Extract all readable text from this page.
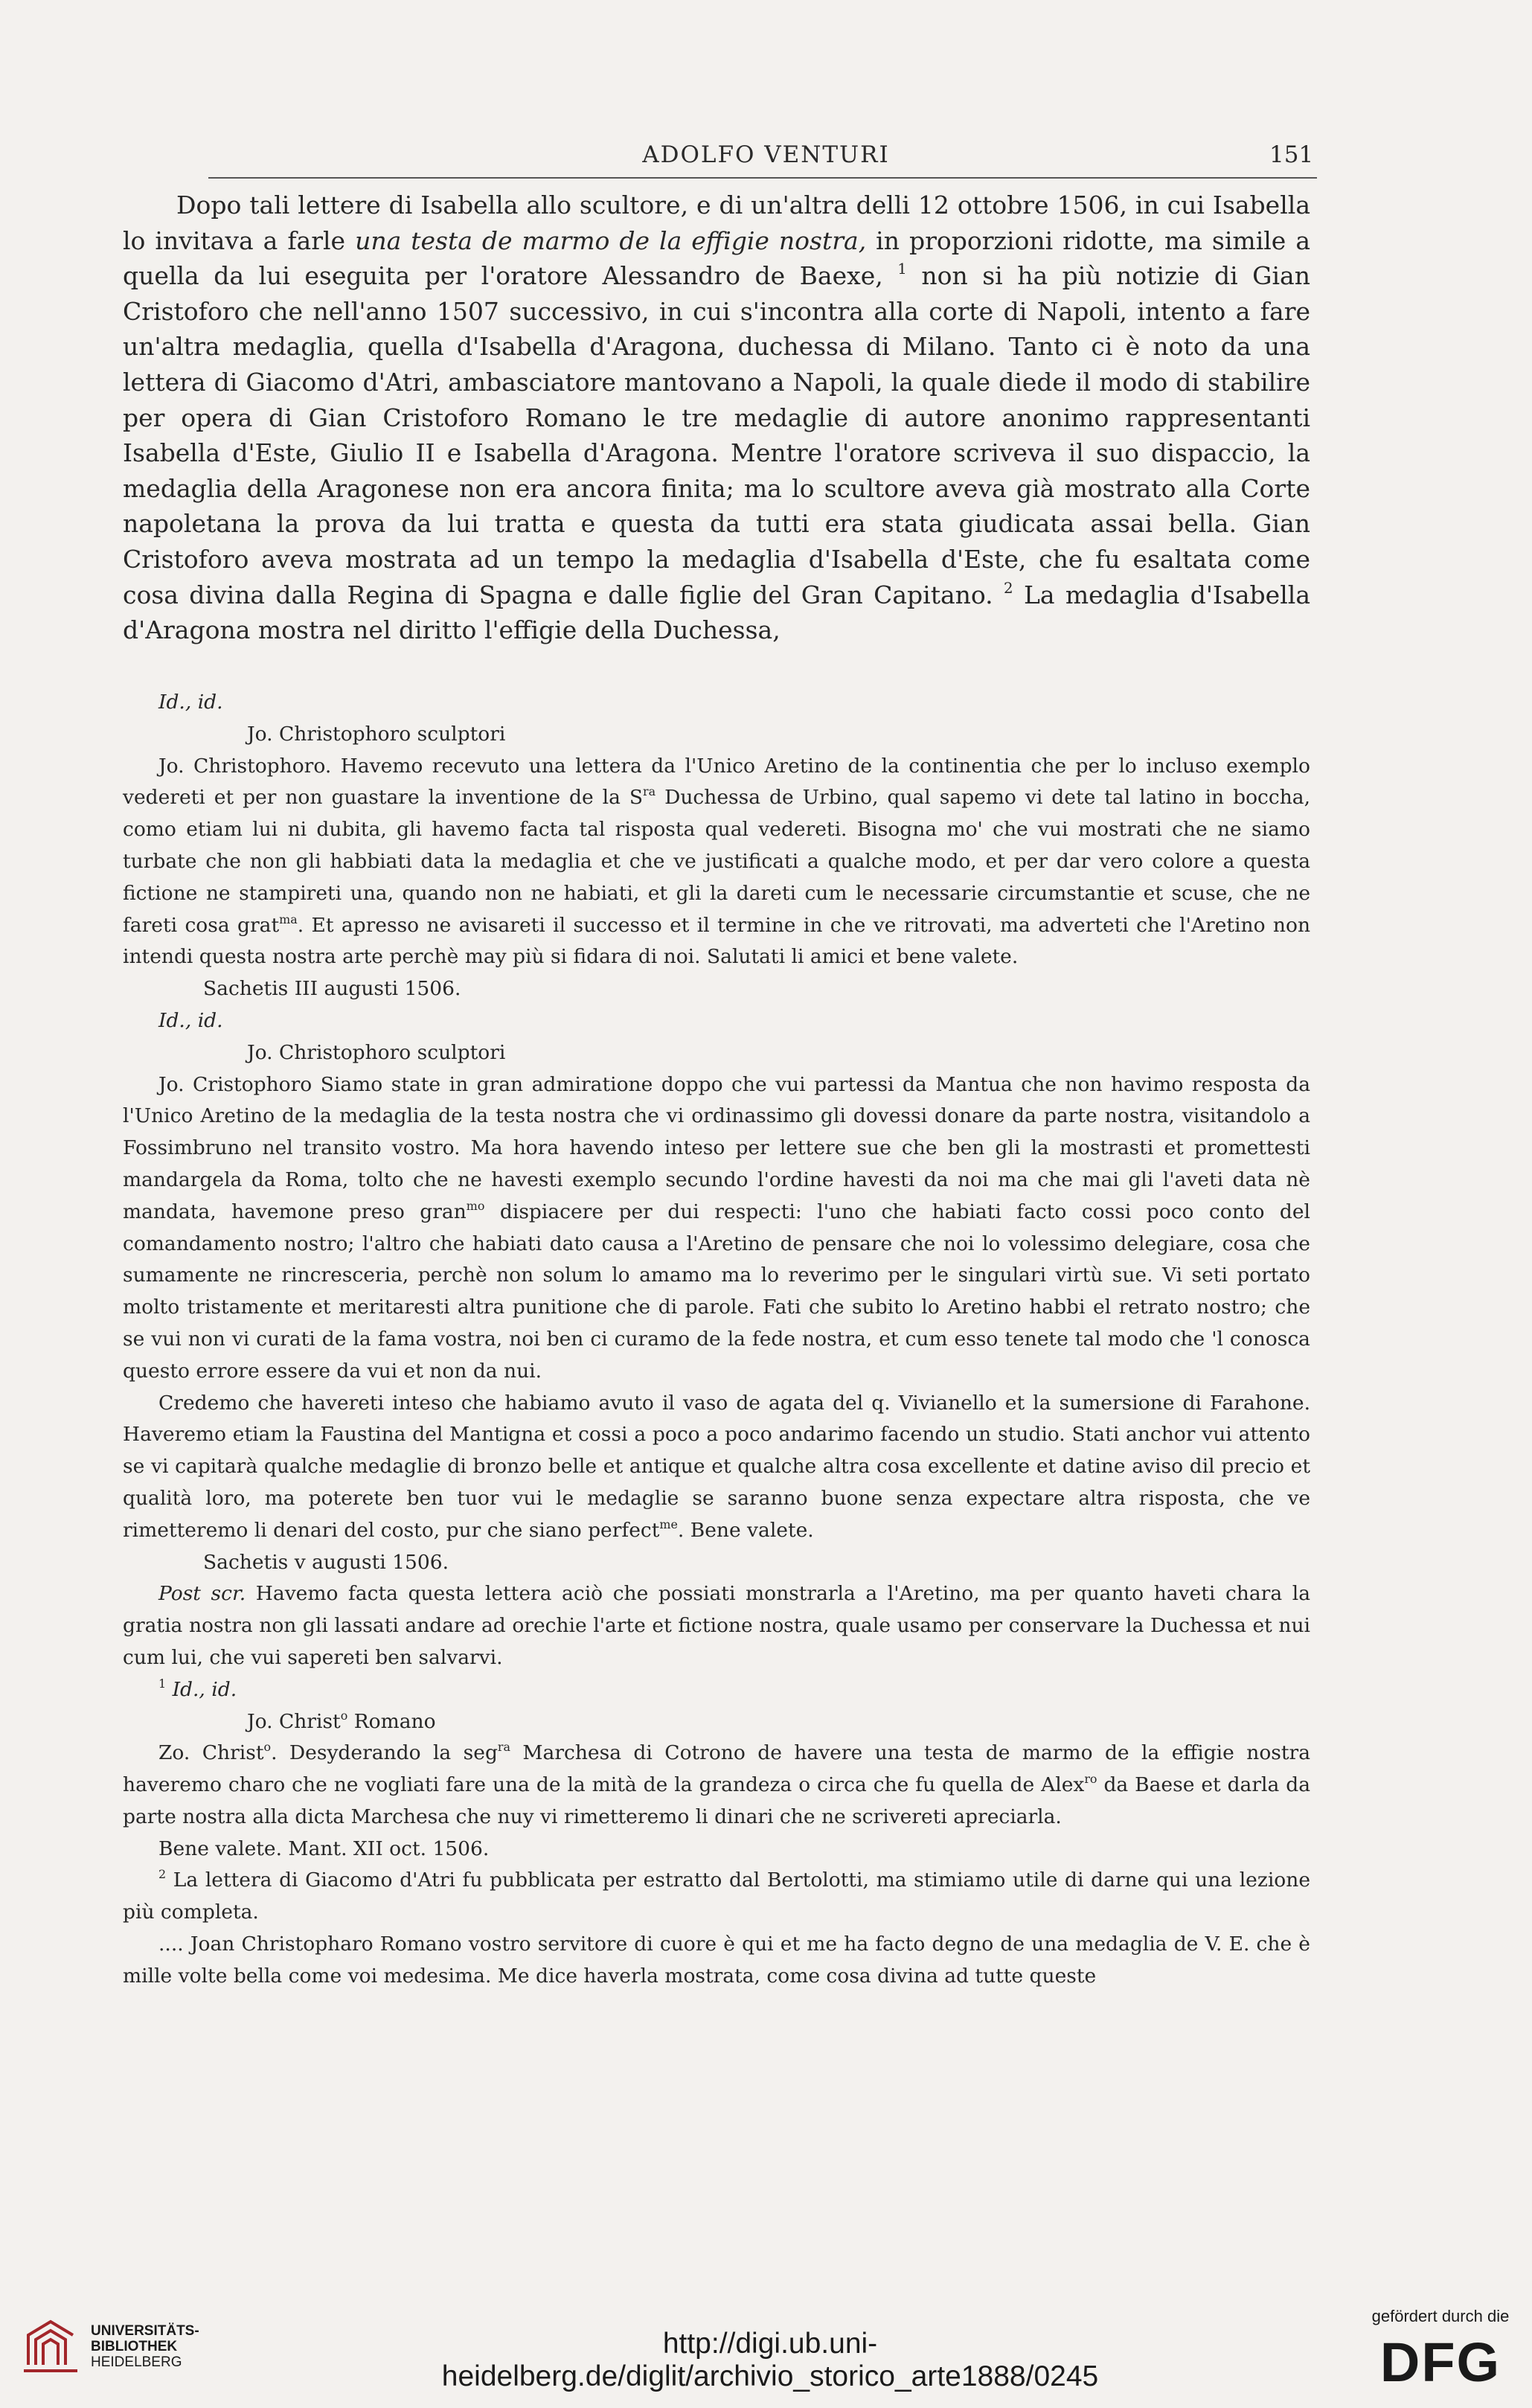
ADOLFO VENTURI	151

Dopo tali lettere di Isabella allo scultore, e di un'altra delli 12 ottobre 1506, in cui Isabella lo invitava a farle una testa de marmo de la effigie nostra, in proporzioni ridotte, ma simile a quella da lui eseguita per l'oratore Alessandro de Baexe, $^1$ non si ha più notizie di Gian Cristoforo che nell'anno 1507 successivo, in cui s'incontra alla corte di Napoli, intento a fare un'altra medaglia, quella d'Isabella d'Aragona, duchessa di Milano. Tanto ci è noto da una lettera di Giacomo d'Atri, ambasciatore mantovano a Napoli, la quale diede il modo di stabilire per opera di Gian Cristoforo Romano le tre medaglie di autore anonimo rappresentanti Isabella d'Este, Giulio II e Isabella d'Aragona. Mentre l'oratore scriveva il suo dispaccio, la medaglia della Aragonese non era ancora finita; ma lo scultore aveva già mostrato alla Corte napoletana la prova da lui tratta e questa da tutti era stata giudicata assai bella. Gian Cristoforo aveva mostrata ad un tempo la medaglia d'Isabella d'Este, che fu esaltata come cosa divina dalla Regina di Spagna e dalle figlie del Gran Capitano. $^2$ La medaglia d'Isabella d'Aragona mostra nel diritto l'effigie della Duchessa,

Id., id.

Jo. Christophoro sculptori

Jo. Christophoro. Havemo recevuto una lettera da l'Unico Aretino de la continentia che per lo incluso exemplo vedereti et per non guastare la inventione de la $S^{ra}$ Duchessa de Urbino, qual sapemo vi dete tal latino in boccha, como etiam lui ni dubita, gli havemo facta tal risposta qual vedereti. Bisogna mo' che vui mostrati che ne siamo turbate che non gli habbiati data la medaglia et che ve justificati a qualche modo, et per dar vero colore a questa fictione ne stampireti una, quando non ne habiati, et gli la dareti cum le necessarie circumstantie et scuse, che ne fareti cosa grat$^{ma}$. Et apresso ne avisareti il successo et il termine in che ve ritrovati, ma adverteti che l'Aretino non intendi questa nostra arte perchè may più si fidara di noi. Salutati li amici et bene valete.

Sachetis III augusti 1506.

Id., id.

Jo. Christophoro sculptori

Jo. Cristophoro Siamo state in gran admiratione doppo che vui partessi da Mantua che non havimo resposta da l'Unico Aretino de la medaglia de la testa nostra che vi ordinassimo gli dovessi donare da parte nostra, visitandolo a Fossimbruno nel transito vostro. Ma hora havendo inteso per lettere sue che ben gli la mostrasti et promettesti mandargela da Roma, tolto che ne havesti exemplo secundo l'ordine havesti da noi ma che mai gli l'aveti data nè mandata, havemone preso gran$^{mo}$ dispiacere per dui respecti: l'uno che habiati facto cossi poco conto del comandamento nostro; l'altro che habiati dato causa a l'Aretino de pensare che noi lo volessimo delegiare, cosa che sumamente ne rincresceria, perchè non solum lo amamo ma lo reverimo per le singulari virtù sue. Vi seti portato molto tristamente et meritaresti altra punitione che di parole. Fati che subito lo Aretino habbi el retrato nostro; che se vui non vi curati de la fama vostra, noi ben ci curamo de la fede nostra, et cum esso tenete tal modo che 'l conosca questo errore essere da vui et non da nui.

Credemo che havereti inteso che habiamo avuto il vaso de agata del q. Vivianello et la sumersione di Farahone. Haveremo etiam la Faustina del Mantigna et cossi a poco a poco andarimo facendo un studio. Stati anchor vui attento se vi capitarà qualche medaglie di bronzo belle et antique et qualche altra cosa excellente et datine aviso dil precio et qualità loro, ma poterete ben tuor vui le medaglie se saranno buone senza expectare altra risposta, che ve rimetteremo li denari del costo, pur che siano perfect$^{me}$. Bene valete.

Sachetis v augusti 1506.

Post scr. Havemo facta questa lettera aciò che possiati monstrarla a l'Aretino, ma per quanto haveti chara la gratia nostra non gli lassati andare ad orechie l'arte et fictione nostra, quale usamo per conservare la Duchessa et nui cum lui, che vui sapereti ben salvarvi.

$^1$ Id., id.

Jo. Christ$^o$ Romano

Zo. Christ$^o$. Desyderando la seg$^{ra}$ Marchesa di Cotrono de havere una testa de marmo de la effigie nostra haveremo charo che ne vogliati fare una de la mità de la grandeza o circa che fu quella de Alex$^{ro}$ da Baese et darla da parte nostra alla dicta Marchesa che nuy vi rimetteremo li dinari che ne scrivereti apreciarla.

Bene valete. Mant. XII oct. 1506.

$^2$ La lettera di Giacomo d'Atri fu pubblicata per estratto dal Bertolotti, ma stimiamo utile di darne qui una lezione più completa.

.... Joan Christopharo Romano vostro servitore di cuore è qui et me ha facto degno de una medaglia de V. E. che è mille volte bella come voi medesima. Me dice haverla mostrata, come cosa divina ad tutte queste

UNIVERSITÄTS-
BIBLIOTHEK
HEIDELBERG
http://digi.ub.uni-heidelberg.de/diglit/archivio_storico_arte1888/0245
gefördert durch die
DFG
